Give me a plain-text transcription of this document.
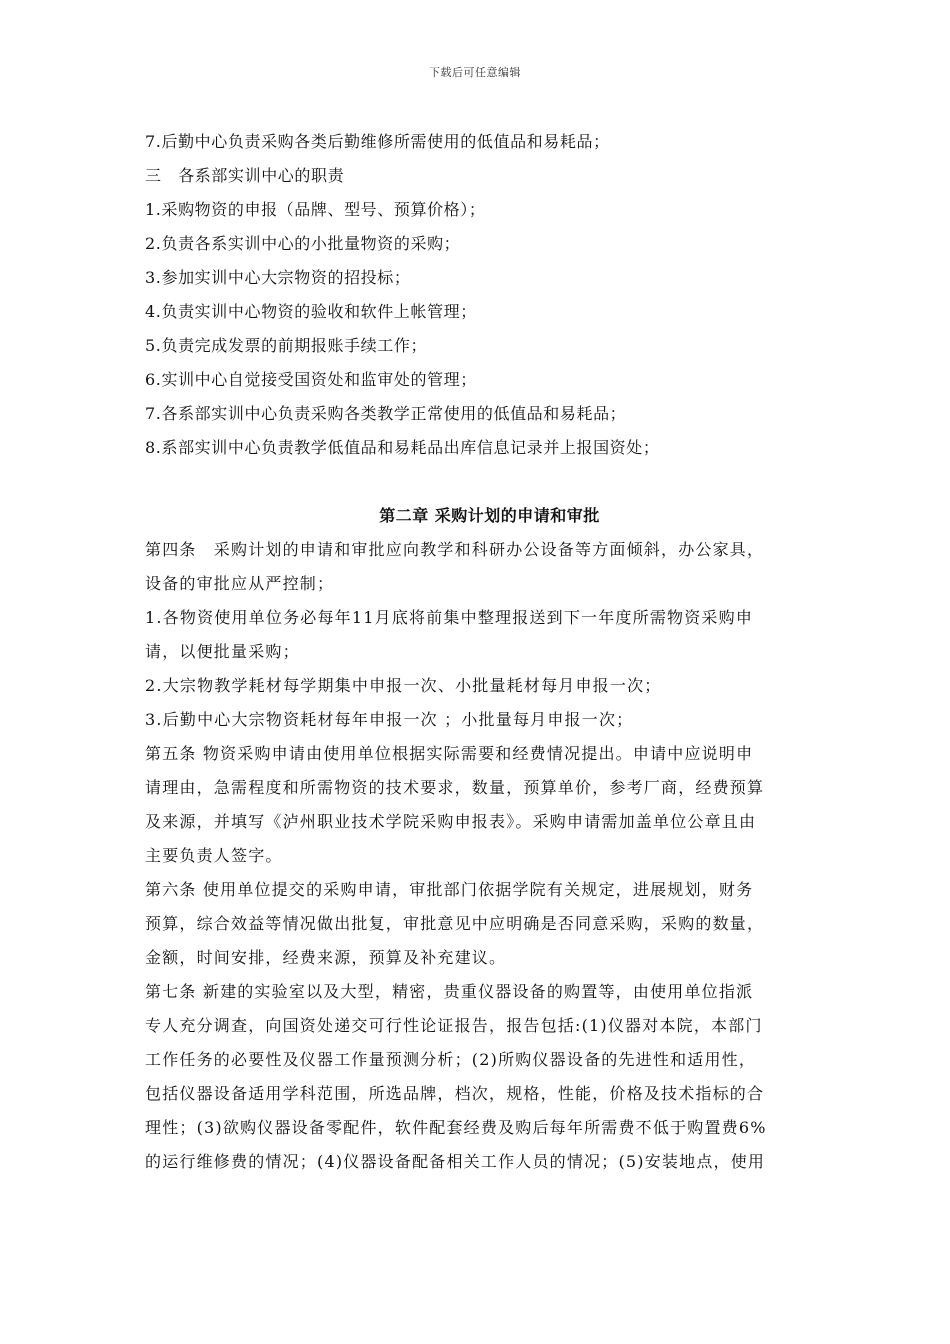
下载后可任意编辑
7.后勤中心负责采购各类后勤维修所需使用的低值品和易耗品；
三　各系部实训中心的职责
1.采购物资的申报（品牌、型号、预算价格）；
2.负责各系实训中心的小批量物资的采购；
3.参加实训中心大宗物资的招投标；
4.负责实训中心物资的验收和软件上帐管理；
5.负责完成发票的前期报账手续工作；
6.实训中心自觉接受国资处和监审处的管理；
7.各系部实训中心负责采购各类教学正常使用的低值品和易耗品；
8.系部实训中心负责教学低值品和易耗品出库信息记录并上报国资处；
第二章 采购计划的申请和审批
第四条　采购计划的申请和审批应向教学和科研办公设备等方面倾斜，办公家具，
设备的审批应从严控制；
1.各物资使用单位务必每年11月底将前集中整理报送到下一年度所需物资采购申
请，以便批量采购；
2.大宗物教学耗材每学期集中申报一次、小批量耗材每月申报一次；
3.后勤中心大宗物资耗材每年申报一次 ；小批量每月申报一次；
第五条 物资采购申请由使用单位根据实际需要和经费情况提出。申请中应说明申
请理由，急需程度和所需物资的技术要求，数量，预算单价，参考厂商，经费预算
及来源，并填写《泸州职业技术学院采购申报表》。采购申请需加盖单位公章且由
主要负责人签字。
第六条 使用单位提交的采购申请，审批部门依据学院有关规定，进展规划，财务
预算，综合效益等情况做出批复，审批意见中应明确是否同意采购，采购的数量，
金额，时间安排，经费来源，预算及补充建议。
第七条 新建的实验室以及大型，精密，贵重仪器设备的购置等，由使用单位指派
专人充分调查，向国资处递交可行性论证报告，报告包括:(1)仪器对本院，本部门
工作任务的必要性及仪器工作量预测分析；(2)所购仪器设备的先进性和适用性，
包括仪器设备适用学科范围，所选品牌，档次，规格，性能，价格及技术指标的合
理性；(3)欲购仪器设备零配件，软件配套经费及购后每年所需费不低于购置费6%
的运行维修费的情况；(4)仪器设备配备相关工作人员的情况；(5)安装地点，使用
